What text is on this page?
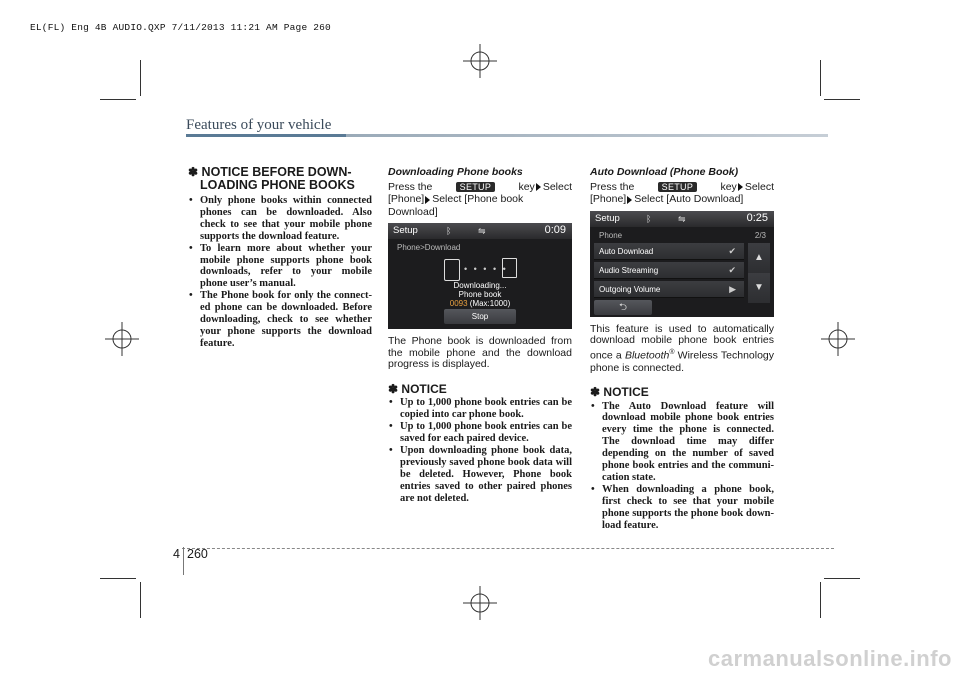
EL(FL) Eng 4B AUDIO.QXP 7/11/2013 11:21 AM Page 260
Features of your vehicle
✽ NOTICE BEFORE DOWN-
LOADING PHONE BOOKS
• Only phone books within connected phones can be downloaded. Also check to see that your mobile phone supports the download feature.
• To learn more about whether your mobile phone supports phone book downloads, refer to your mobile phone user’s manual.
• The Phone book for only the connect-ed phone can be downloaded. Before downloading, check to see whether your phone supports the download feature.
Downloading Phone books
Press the	SETUP	key Select
[Phone] Select [Phone book Download]
Setup	ᛒ	⇋	0:09
Phone>Download
• • • • •
Downloading...
Phone book
0093 (Max:1000)
Stop

The Phone book is downloaded from the mobile phone and the download progress is displayed.

✽ NOTICE
• Up to 1,000 phone book entries can be copied into car phone book.
• Up to 1,000 phone book entries can be saved for each paired device.
• Upon downloading phone book data, previously saved phone book data will be deleted. However, Phone book entries saved to other paired phones are not deleted.
Auto Download (Phone Book)
Press the	SETUP	key Select
[Phone] Select [Auto Download]
Setup	ᛒ	⇋	0:25
Phone	2/3
Auto Download	✔
Audio Streaming	✔
Outgoing Volume	▶
▲
▼
⮌

This feature is used to automatically download mobile phone book entries once a Bluetooth® Wireless Technology phone is connected.

✽ NOTICE
• The Auto Download feature will download mobile phone book entries every time the phone is connected. The download time may differ depending on the number of saved phone book entries and the communi-cation state.
• When downloading a phone book, first check to see that your mobile phone supports the phone book down-load feature.
4 260
carmanualsonline.info
